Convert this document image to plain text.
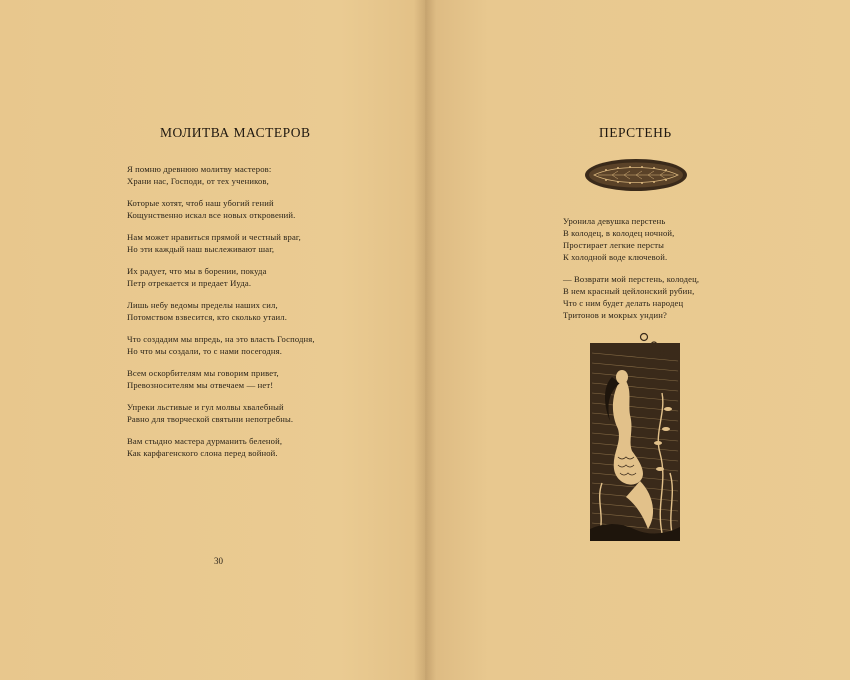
МОЛИТВА МАСТЕРОВ
Я помню древнюю молитву мастеров:
Храни нас, Господи, от тех учеников,
Которые хотят, чтоб наш убогий гений
Кощунственно искал все новых откровений.
Нам может нравиться прямой и честный враг,
Но эти каждый наш выслеживают шаг,
Их радует, что мы в борении, покуда
Петр отрекается и предает Иуда.
Лишь небу ведомы пределы наших сил,
Потомством взвесится, кто сколько утаил.
Что создадим мы впредь, на это власть Господня,
Но что мы создали, то с нами посегодня.
Всем оскорбителям мы говорим привет,
Превозносителям мы отвечаем — нет!
Упреки льстивые и гул молвы хвалебный
Равно для творческой святыни непотребны.
Вам стыдно мастера дурманить беленой,
Как карфагенского слона перед войной.
30
ПЕРСТЕНЬ
Уронила девушка перстень
В колодец, в колодец ночной,
Простирает легкие персты
К холодной воде ключевой.
— Возврати мой перстень, колодец,
В нем красный цейлонский рубин,
Что с ним будет делать народец
Тритонов и мокрых ундин?
